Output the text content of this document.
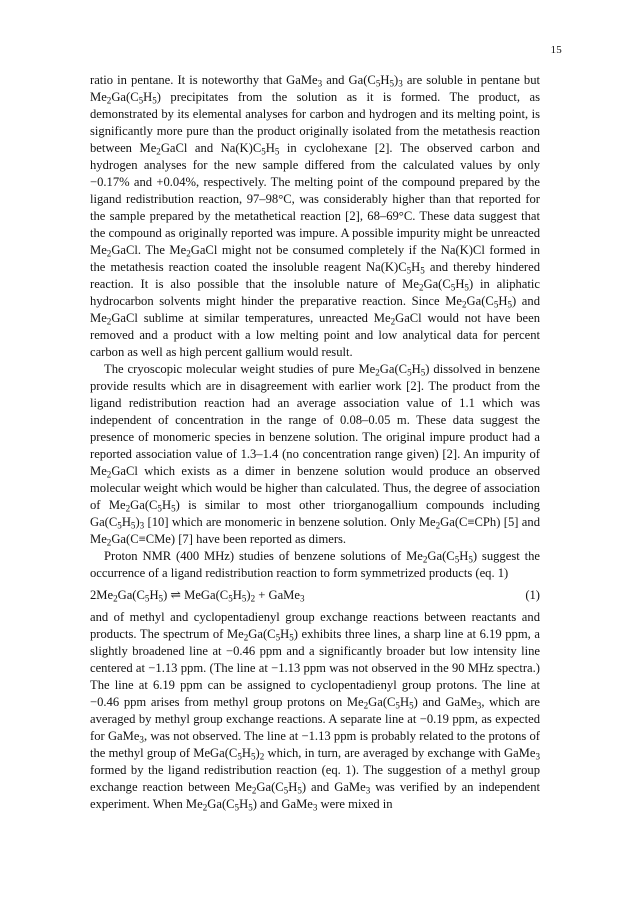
15

ratio in pentane. It is noteworthy that GaMe$_3$ and $Ga(C_5H_5)_3$ are soluble in pentane but $Me_2Ga(C_5H_5)$ precipitates from the solution as it is formed. The product, as demonstrated by its elemental analyses for carbon and hydrogen and its melting point, is significantly more pure than the product originally isolated from the metathesis reaction between $Me_2GaCl$ and $Na(K)C_5H_5$ in cyclohexane [2]. The observed carbon and hydrogen analyses for the new sample differed from the calculated values by only −0.17% and +0.04%, respectively. The melting point of the compound prepared by the ligand redistribution reaction, 97–98°C, was considerably higher than that reported for the sample prepared by the metathetical reaction [2], 68–69°C. These data suggest that the compound as originally reported was impure. A possible impurity might be unreacted $Me_2GaCl$. The $Me_2GaCl$ might not be consumed completely if the Na(K)Cl formed in the metathesis reaction coated the insoluble reagent $Na(K)C_5H_5$ and thereby hindered reaction. It is also possible that the insoluble nature of $Me_2Ga(C_5H_5)$ in aliphatic hydrocarbon solvents might hinder the preparative reaction. Since $Me_2Ga(C_5H_5)$ and $Me_2GaCl$ sublime at similar temperatures, unreacted $Me_2GaCl$ would not have been removed and a product with a low melting point and low analytical data for percent carbon as well as high percent gallium would result.

The cryoscopic molecular weight studies of pure $Me_2Ga(C_5H_5)$ dissolved in benzene provide results which are in disagreement with earlier work [2]. The product from the ligand redistribution reaction had an average association value of 1.1 which was independent of concentration in the range of 0.08–0.05 m. These data suggest the presence of monomeric species in benzene solution. The original impure product had a reported association value of 1.3–1.4 (no concentration range given) [2]. An impurity of $Me_2GaCl$ which exists as a dimer in benzene solution would produce an observed molecular weight which would be higher than calculated. Thus, the degree of association of $Me_2Ga(C_5H_5)$ is similar to most other triorganogallium compounds including $Ga(C_5H_5)_3$ [10] which are monomeric in benzene solution. Only $Me_2Ga(C\equiv CPh)$ [5] and $Me_2Ga(C\equiv CMe)$ [7] have been reported as dimers.

Proton NMR (400 MHz) studies of benzene solutions of $Me_2Ga(C_5H_5)$ suggest the occurrence of a ligand redistribution reaction to form symmetrized products (eq. 1)

$2Me_2Ga(C_5H_5)$ ⇌ $MeGa(C_5H_5)_2$ + GaMe$_3$	(1)

and of methyl and cyclopentadienyl group exchange reactions between reactants and products. The spectrum of $Me_2Ga(C_5H_5)$ exhibits three lines, a sharp line at 6.19 ppm, a slightly broadened line at −0.46 ppm and a significantly broader but low intensity line centered at −1.13 ppm. (The line at −1.13 ppm was not observed in the 90 MHz spectra.) The line at 6.19 ppm can be assigned to cyclopentadienyl group protons. The line at −0.46 ppm arises from methyl group protons on $Me_2Ga(C_5H_5)$ and GaMe$_3$, which are averaged by methyl group exchange reactions. A separate line at −0.19 ppm, as expected for GaMe$_3$, was not observed. The line at −1.13 ppm is probably related to the protons of the methyl group of $MeGa(C_5H_5)_2$ which, in turn, are averaged by exchange with GaMe$_3$ formed by the ligand redistribution reaction (eq. 1). The suggestion of a methyl group exchange reaction between $Me_2Ga(C_5H_5)$ and GaMe$_3$ was verified by an independent experiment. When $Me_2Ga(C_5H_5)$ and GaMe$_3$ were mixed in
